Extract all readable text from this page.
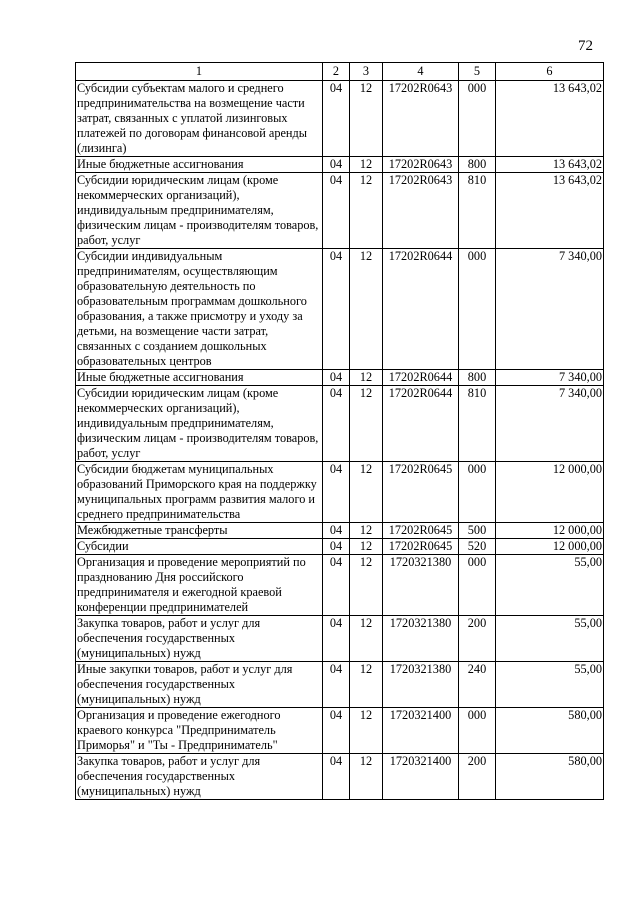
72
1	2	3	4	5	6
Субсидии субъектам малого и среднего предпринимательства на возмещение части затрат, связанных с уплатой лизинговых платежей по договорам финансовой аренды (лизинга)	04	12	17202R0643	000	13 643,02
Иные бюджетные ассигнования	04	12	17202R0643	800	13 643,02
Субсидии юридическим лицам (кроме некоммерческих организаций), индивидуальным предпринимателям, физическим лицам - производителям товаров, работ, услуг	04	12	17202R0643	810	13 643,02
Субсидии индивидуальным предпринимателям, осуществляющим образовательную деятельность по образовательным программам дошкольного образования, а также присмотру и уходу за детьми, на возмещение части затрат, связанных с созданием дошкольных образовательных центров	04	12	17202R0644	000	7 340,00
Иные бюджетные ассигнования	04	12	17202R0644	800	7 340,00
Субсидии юридическим лицам (кроме некоммерческих организаций), индивидуальным предпринимателям, физическим лицам - производителям товаров, работ, услуг	04	12	17202R0644	810	7 340,00
Субсидии бюджетам муниципальных образований Приморского края на поддержку муниципальных программ развития малого и среднего предпринимательства	04	12	17202R0645	000	12 000,00
Межбюджетные трансферты	04	12	17202R0645	500	12 000,00
Субсидии	04	12	17202R0645	520	12 000,00
Организация и проведение мероприятий по празднованию Дня российского предпринимателя и ежегодной краевой конференции предпринимателей	04	12	1720321380	000	55,00
Закупка товаров, работ и услуг для обеспечения государственных (муниципальных) нужд	04	12	1720321380	200	55,00
Иные закупки товаров, работ и услуг для обеспечения государственных (муниципальных) нужд	04	12	1720321380	240	55,00
Организация и проведение ежегодного краевого конкурса "Предприниматель Приморья" и "Ты - Предприниматель"	04	12	1720321400	000	580,00
Закупка товаров, работ и услуг для обеспечения государственных (муниципальных) нужд	04	12	1720321400	200	580,00
